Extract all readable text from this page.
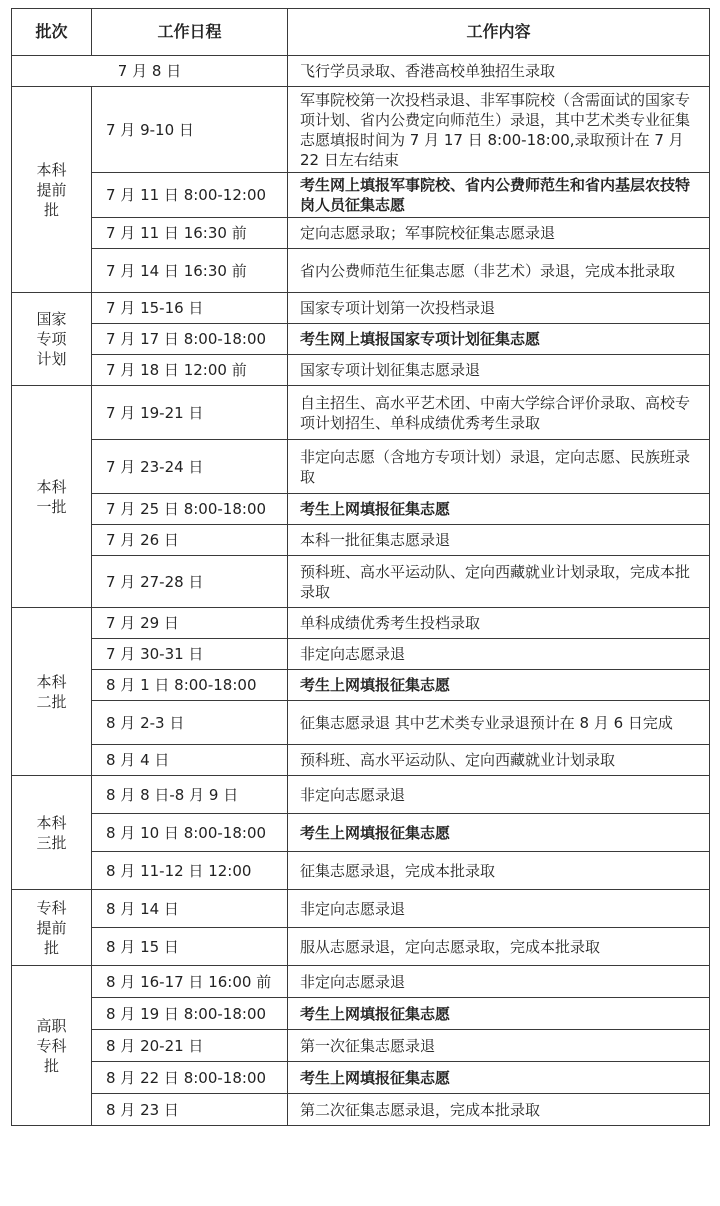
批次	工作日程	工作内容
7 月 8 日		飞行学员录取、香港高校单独招生录取

本科
提前
批	7 月 9-10 日	军事院校第一次投档录退、非军事院校（含需面试的国家专项计划、省内公费定向师范生）录退，其中艺术类专业征集志愿填报时间为 7 月 17 日 8:00-18:00,录取预计在 7 月 22 日左右结束
	7 月 11 日 8:00-12:00	考生网上填报军事院校、省内公费师范生和省内基层农技特岗人员征集志愿
	7 月 11 日 16:30 前	定向志愿录取；军事院校征集志愿录退
	7 月 14 日 16:30 前	省内公费师范生征集志愿（非艺术）录退，完成本批录取

国家
专项
计划	7 月 15-16 日	国家专项计划第一次投档录退
	7 月 17 日 8:00-18:00	考生网上填报国家专项计划征集志愿
	7 月 18 日 12:00 前	国家专项计划征集志愿录退

本科
一批	7 月 19-21 日	自主招生、高水平艺术团、中南大学综合评价录取、高校专项计划招生、单科成绩优秀考生录取
	7 月 23-24 日	非定向志愿（含地方专项计划）录退，定向志愿、民族班录取
	7 月 25 日 8:00-18:00	考生上网填报征集志愿
	7 月 26 日	本科一批征集志愿录退
	7 月 27-28 日	预科班、高水平运动队、定向西藏就业计划录取，完成本批录取

本科
二批	7 月 29 日	单科成绩优秀考生投档录取
	7 月 30-31 日	非定向志愿录退
	8 月 1 日 8:00-18:00	考生上网填报征集志愿
	8 月 2-3 日	征集志愿录退 其中艺术类专业录退预计在 8 月 6 日完成
	8 月 4 日	预科班、高水平运动队、定向西藏就业计划录取

本科
三批	8 月 8 日-8 月 9 日	非定向志愿录退
	8 月 10 日 8:00-18:00	考生上网填报征集志愿
	8 月 11-12 日 12:00	征集志愿录退，完成本批录取

专科
提前
批	8 月 14 日	非定向志愿录退
	8 月 15 日	服从志愿录退，定向志愿录取，完成本批录取

高职
专科
批	8 月 16-17 日 16:00 前	非定向志愿录退
	8 月 19 日 8:00-18:00	考生上网填报征集志愿
	8 月 20-21 日	第一次征集志愿录退
	8 月 22 日 8:00-18:00	考生上网填报征集志愿
	8 月 23 日	第二次征集志愿录退，完成本批录取
